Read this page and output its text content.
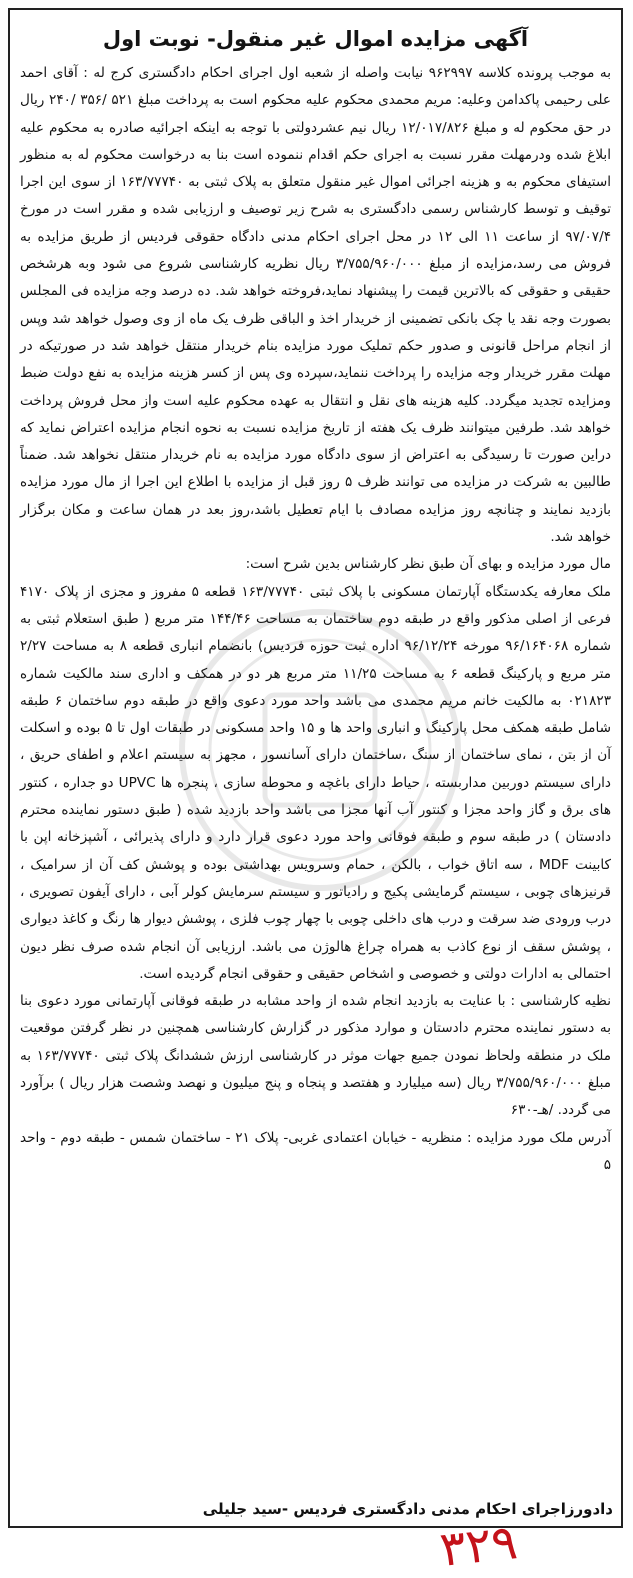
آگهی مزایده اموال غیر منقول- نوبت اول

به موجب پرونده کلاسه ۹۶۲۹۹۷ نیابت واصله از شعبه اول اجرای احکام دادگستری کرج له : آقای احمد علی رحیمی پاکدامن وعلیه: مریم محمدی محکوم علیه محکوم است به پرداخت مبلغ ۵۲۱ /۳۵۶ /۲۴۰ ریال در حق محکوم له و مبلغ ۱۲/۰۱۷/۸۲۶ ریال نیم عشردولتی با توجه به اینکه اجرائیه صادره به محکوم علیه ابلاغ شده ودرمهلت مقرر نسبت به اجرای حکم اقدام ننموده است بنا به درخواست محکوم له به منظور استیفای محکوم به و هزینه اجرائی اموال غیر منقول متعلق به پلاک ثبتی به ۱۶۳/۷۷۷۴۰ از سوی این اجرا توقیف و توسط کارشناس رسمی دادگستری به شرح زیر توصیف و ارزیابی شده و مقرر است در مورخ ۹۷/۰۷/۴ از ساعت ۱۱ الی ۱۲ در محل اجرای احکام مدنی دادگاه حقوقی فردیس از طریق مزایده به فروش می رسد،مزایده از مبلغ ۳/۷۵۵/۹۶۰/۰۰۰ ریال نظریه کارشناسی شروع می شود وبه هرشخص حقیقی و حقوقی که بالاترین قیمت را پیشنهاد نماید،فروخته خواهد شد. ده درصد وجه مزایده فی المجلس بصورت وجه نقد یا چک بانکی تضمینی از خریدار اخذ و الباقی ظرف یک ماه از وی وصول خواهد شد وپس از انجام مراحل قانونی و صدور حکم تملیک مورد مزایده بنام خریدار منتقل خواهد شد در صورتیکه در مهلت مقرر خریدار وجه مزایده را پرداخت ننماید،سپرده وی پس از کسر هزینه مزایده به نفع دولت ضبط ومزایده تجدید میگردد. کلیه هزینه های نقل و انتقال به عهده محکوم علیه است واز محل فروش پرداخت خواهد شد. طرفین میتوانند ظرف یک هفته از تاریخ مزایده نسبت به نحوه انجام مزایده اعتراض نماید که دراین صورت تا رسیدگی به اعتراض از سوی دادگاه مورد مزایده به نام خریدار منتقل نخواهد شد. ضمناً طالبین به شرکت در مزایده می توانند ظرف ۵ روز قبل از مزایده با اطلاع این اجرا از مال مورد مزایده بازدید نمایند و چنانچه روز مزایده مصادف با ایام تعطیل باشد،روز بعد در همان ساعت و مکان برگزار خواهد شد.

مال مورد مزایده و بهای آن طبق نظر کارشناس بدین شرح است:

ملک معارفه یکدستگاه آپارتمان مسکونی با پلاک ثبتی ۱۶۳/۷۷۷۴۰ قطعه ۵ مفروز و مجزی از پلاک ۴۱۷۰ فرعی از اصلی مذکور واقع در طبقه دوم ساختمان به مساحت ۱۴۴/۴۶ متر مربع ( طبق استعلام ثبتی به شماره ۹۶/۱۶۴۰۶۸ مورخه ۹۶/۱۲/۲۴ اداره ثبت حوزه فردیس) بانضمام انباری قطعه ۸ به مساحت ۲/۲۷ متر مربع و پارکینگ قطعه ۶ به مساحت ۱۱/۲۵ متر مربع هر دو در همکف و اداری سند مالکیت شماره ۰۲۱۸۲۳ به مالکیت خانم مریم محمدی می باشد واحد مورد دعوی واقع در طبقه دوم ساختمان ۶ طبقه شامل طبقه همکف محل پارکینگ و انباری واحد ها و ۱۵ واحد مسکونی در طبقات اول تا ۵ بوده و اسکلت آن از بتن ، نمای ساختمان از سنگ ،ساختمان دارای آسانسور ، مجهز به سیستم اعلام و اطفای حریق ، دارای سیستم دوربین مداربسته ، حیاط دارای باغچه و محوطه سازی ، پنجره ها UPVC دو جداره ، کنتور های برق و گاز واحد مجزا و کنتور آب آنها مجزا می باشد واحد بازدید شده ( طبق دستور نماینده محترم دادستان ) در طبقه سوم و طبقه فوقانی واحد مورد دعوی قرار دارد و دارای پذیرائی ، آشپزخانه اپن با کابینت MDF ، سه اتاق خواب ، بالکن ، حمام وسرویس بهداشتی بوده و پوشش کف آن از سرامیک ، قرنیزهای چوبی ، سیستم گرمایشی پکیج و رادیاتور و سیستم سرمایش کولر آبی ، دارای آیفون تصویری ، درب ورودی ضد سرقت و درب های داخلی چوبی با چهار چوب فلزی ، پوشش دیوار ها رنگ و کاغذ دیواری ، پوشش سقف از نوع کاذب به همراه چراغ هالوژن می باشد. ارزیابی آن انجام شده صرف نظر دیون احتمالی به ادارات دولتی و خصوصی و اشخاص حقیقی و حقوقی انجام گردیده است.

نظیه کارشناسی : با عنایت به بازدید انجام شده از واحد مشابه در طبقه فوقانی آپارتمانی مورد دعوی بنا به دستور نماینده محترم دادستان و موارد مذکور در گزارش کارشناسی همچنین در نظر گرفتن موقعیت ملک در منطقه ولحاظ نمودن جمیع جهات موثر در کارشناسی ارزش ششدانگ پلاک ثبتی ۱۶۳/۷۷۷۴۰ به مبلغ ۳/۷۵۵/۹۶۰/۰۰۰ ریال (سه میلیارد و هفتصد و پنجاه و پنج میلیون و نهصد وشصت هزار ریال ) برآورد می گردد. /هـ-۶۳۰

آدرس ملک مورد مزایده : منظریه - خیابان اعتمادی غربی- پلاک ۲۱ - ساختمان شمس - طبقه دوم - واحد ۵

دادورزاجرای احکام مدنی دادگستری فردیس -سید جلیلی
۳۲۹
